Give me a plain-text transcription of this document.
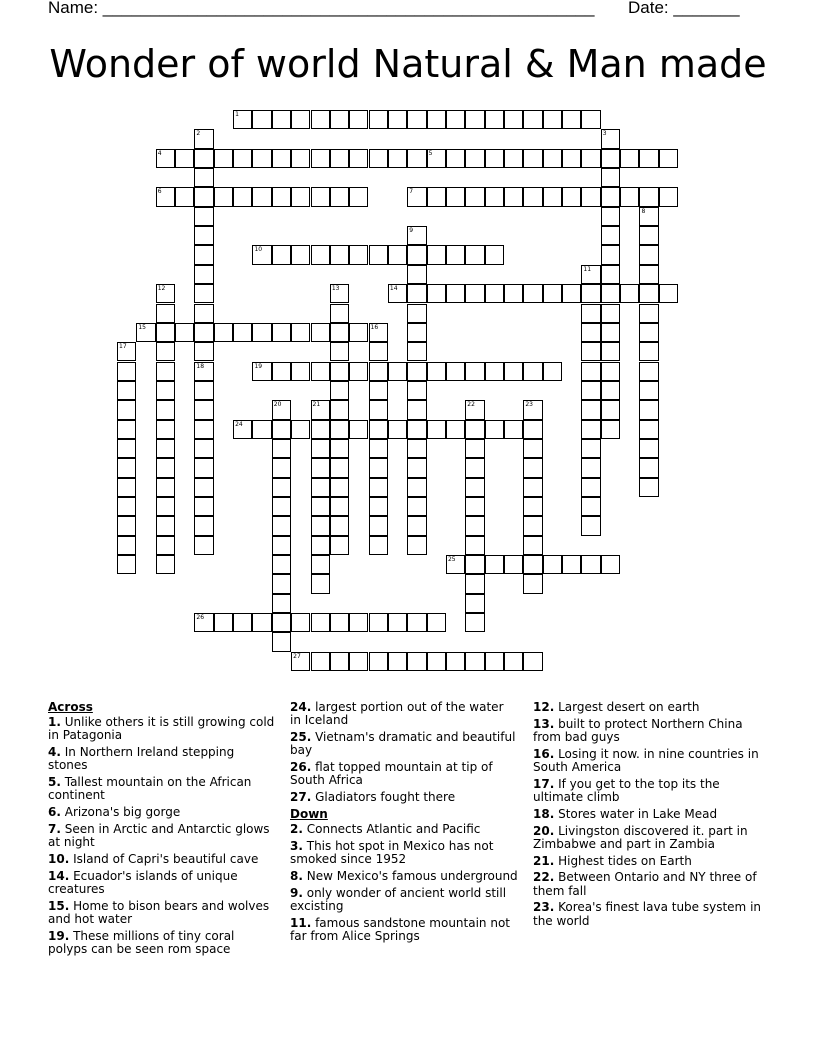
Name: ____________________________________________________ Date: _______
Wonder of world Natural & Man made
1
4	5
6	7
10
14
15
19
24
25
26
27
2
18
3
8
9
11
12	13
16
17
20	21	22	23
Across
1. Unlike others it is still growing cold in Patagonia
4. In Northern Ireland stepping stones
5. Tallest mountain on the African continent
6. Arizona's big gorge
7. Seen in Arctic and Antarctic glows at night
10. Island of Capri's beautiful cave
14. Ecuador's islands of unique creatures
15. Home to bison bears and wolves and hot water
19. These millions of tiny coral polyps can be seen rom space
24. largest portion out of the water in Iceland
25. Vietnam's dramatic and beautiful bay
26. flat topped mountain at tip of South Africa
27. Gladiators fought there
Down
2. Connects Atlantic and Pacific
3. This hot spot in Mexico has not smoked since 1952
8. New Mexico's famous underground
9. only wonder of ancient world still excisting
11. famous sandstone mountain not far from Alice Springs
12. Largest desert on earth
13. built to protect Northern China from bad guys
16. Losing it now. in nine countries in South America
17. If you get to the top its the ultimate climb
18. Stores water in Lake Mead
20. Livingston discovered it. part in Zimbabwe and part in Zambia
21. Highest tides on Earth
22. Between Ontario and NY three of them fall
23. Korea's finest lava tube system in the world
